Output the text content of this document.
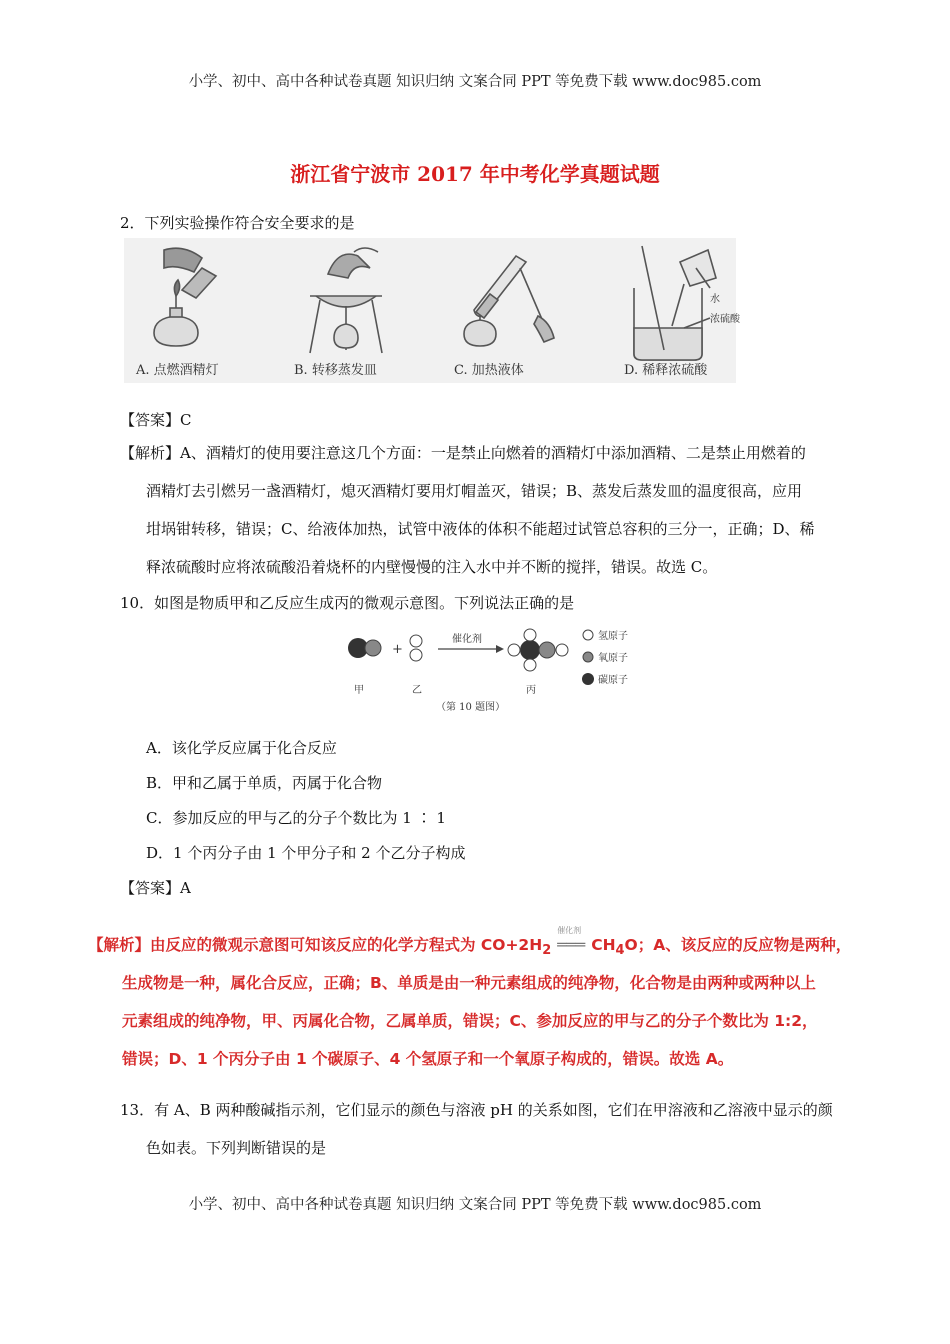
小学、初中、高中各种试卷真题 知识归纳 文案合同 PPT 等免费下载 www.doc985.com
浙江省宁波市 2017 年中考化学真题试题
2．下列实验操作符合安全要求的是
A. 点燃酒精灯	B. 转移蒸发皿	C. 加热液体	D. 稀释浓硫酸
水
浓硫酸
【答案】C
【解析】A、酒精灯的使用要注意这几个方面：一是禁止向燃着的酒精灯中添加酒精、二是禁止用燃着的
酒精灯去引燃另一盏酒精灯，熄灭酒精灯要用灯帽盖灭，错误；B、蒸发后蒸发皿的温度很高，应用
坩埚钳转移，错误；C、给液体加热，试管中液体的体积不能超过试管总容积的三分一，正确；D、稀
释浓硫酸时应将浓硫酸沿着烧杯的内壁慢慢的注入水中并不断的搅拌，错误。故选 C。
10．如图是物质甲和乙反应生成丙的微观示意图。下列说法正确的是
+
催化剂	氢原子
氧原子
碳原子
甲	乙	丙
（第 10 题图）
A．该化学反应属于化合反应
B．甲和乙属于单质，丙属于化合物
C．参加反应的甲与乙的分子个数比为 1 ∶ 1
D．1 个丙分子由 1 个甲分子和 2 个乙分子构成
【答案】A
【解析】由反应的微观示意图可知该反应的化学方程式为 $CO+2H_2$
催化剂
═══ $CH_4O$；A、该反应的反应物是两种，
生成物是一种，属化合反应，正确；B、单质是由一种元素组成的纯净物，化合物是由两种或两种以上
元素组成的纯净物，甲、丙属化合物，乙属单质，错误；C、参加反应的甲与乙的分子个数比为 1:2，
错误；D、1 个丙分子由 1 个碳原子、4 个氢原子和一个氧原子构成的，错误。故选 A。
13．有 A、B 两种酸碱指示剂，它们显示的颜色与溶液 pH 的关系如图，它们在甲溶液和乙溶液中显示的颜
色如表。下列判断错误的是
小学、初中、高中各种试卷真题 知识归纳 文案合同 PPT 等免费下载 www.doc985.com
